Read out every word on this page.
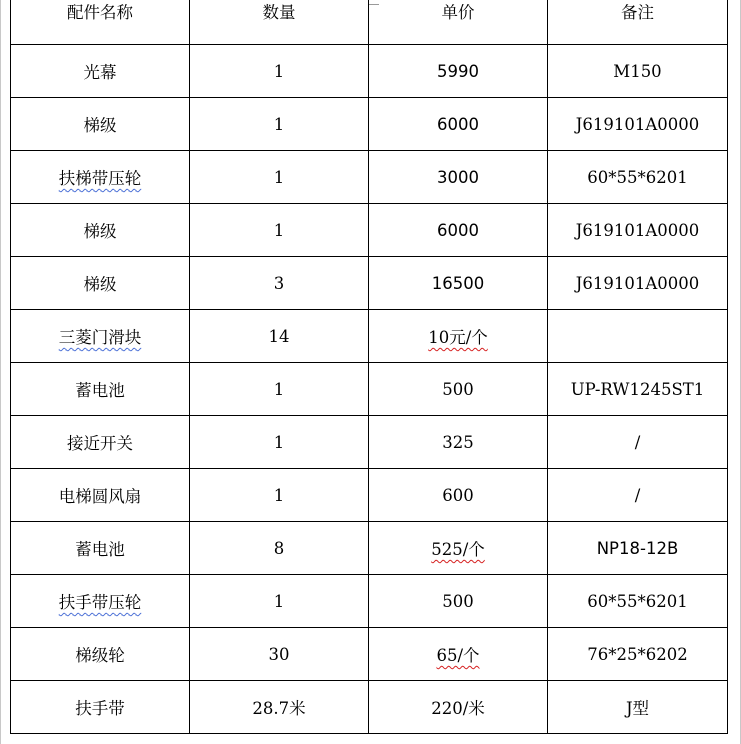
配件名称	数量	单价	备注
光幕	1	5990	M150
梯级	1	6000	J619101A0000
扶梯带压轮	1	3000	60*55*6201
梯级	1	6000	J619101A0000
梯级	3	16500	J619101A0000
三菱门滑块	14	10元/个	
蓄电池	1	500	UP-RW1245ST1
接近开关	1	325	/
电梯圆风扇	1	600	/
蓄电池	8	525/个	NP18-12B
扶手带压轮	1	500	60*55*6201
梯级轮	30	65/个	76*25*6202
扶手带	28.7米	220/米	J型
